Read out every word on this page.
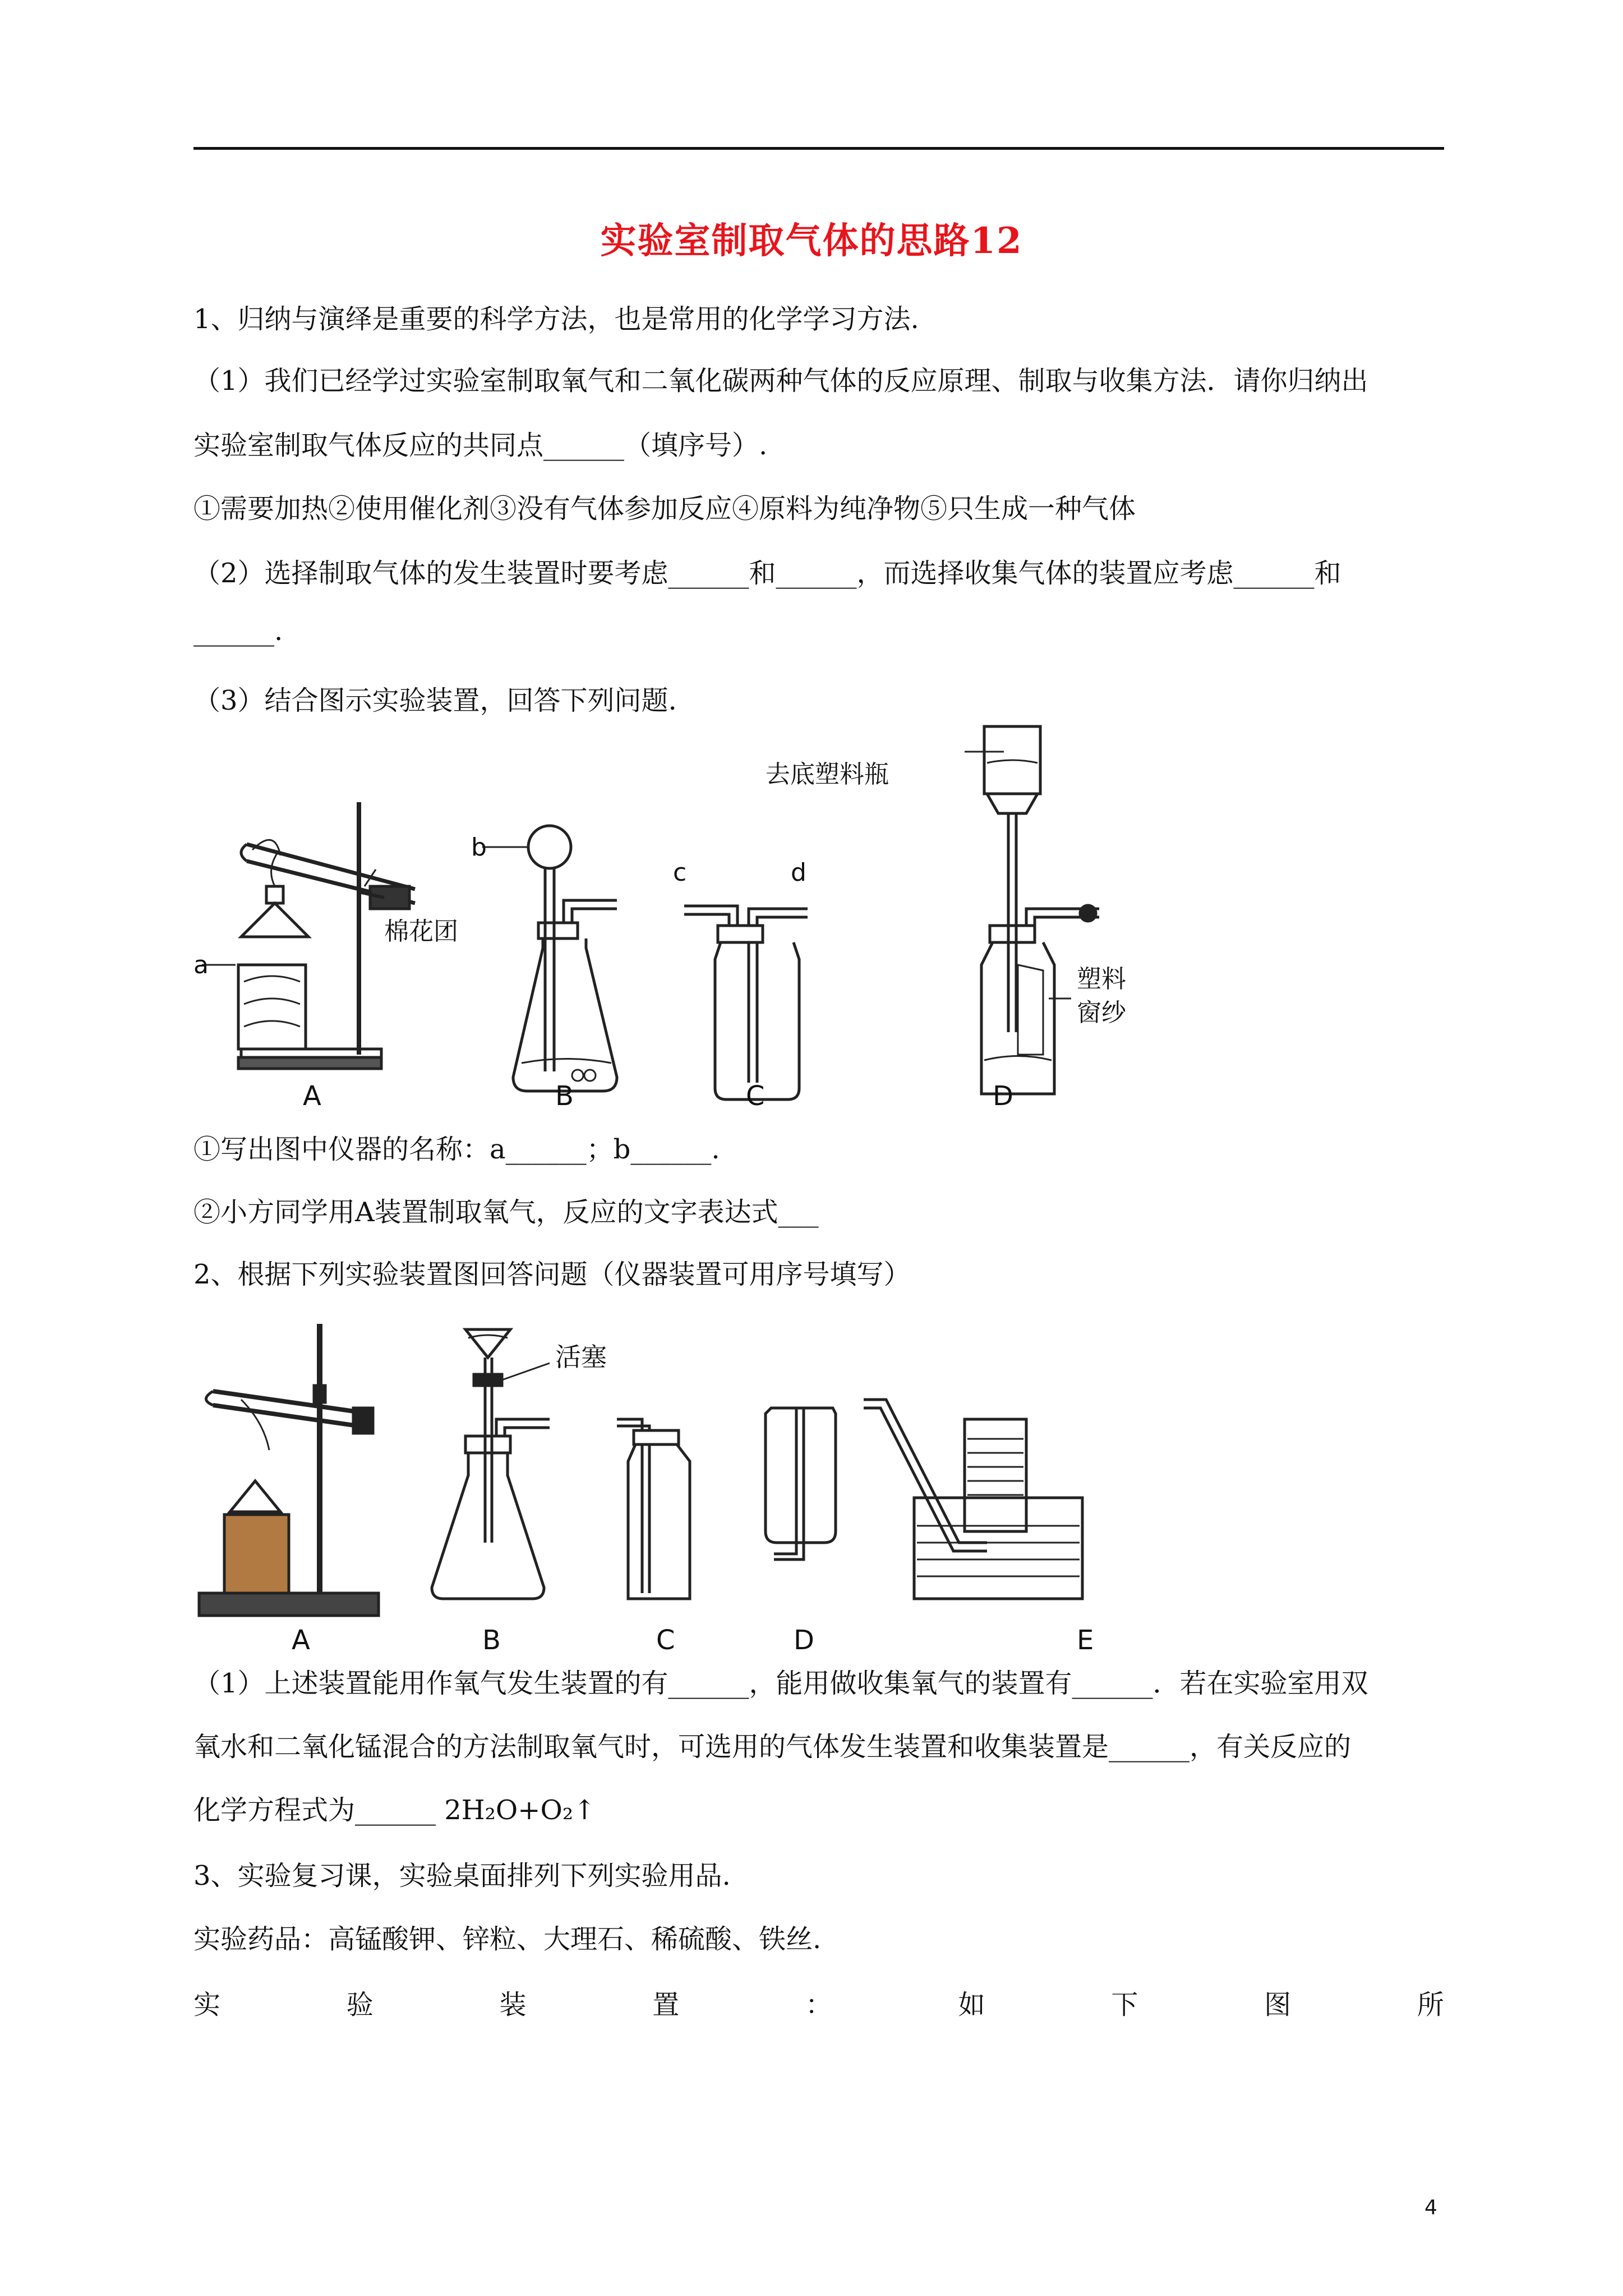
实验室制取气体的思路12
1、归纳与演绎是重要的科学方法，也是常用的化学学习方法.
（1）我们已经学过实验室制取氧气和二氧化碳两种气体的反应原理、制取与收集方法．请你归纳出
实验室制取气体反应的共同点______（填序号）.
①需要加热②使用催化剂③没有气体参加反应④原料为纯净物⑤只生成一种气体
（2）选择制取气体的发生装置时要考虑______和______，而选择收集气体的装置应考虑______和
______.
（3）结合图示实验装置，回答下列问题.
a
棉花团
b
c	d
去底塑料瓶
塑料
窗纱
A	B	C	D
①写出图中仪器的名称：a______；b______.
②小方同学用A装置制取氧气，反应的文字表达式___
2、根据下列实验装置图回答问题（仪器装置可用序号填写）
活塞
A	B	C	D	E
（1）上述装置能用作氧气发生装置的有______，能用做收集氧气的装置有______．若在实验室用双
氧水和二氧化锰混合的方法制取氧气时，可选用的气体发生装置和收集装置是______，有关反应的
化学方程式为______ 2H₂O+O₂↑
3、实验复习课，实验桌面排列下列实验用品.
实验药品：高锰酸钾、锌粒、大理石、稀硫酸、铁丝.
实	验	装	置	：	如	下	图	所
4
